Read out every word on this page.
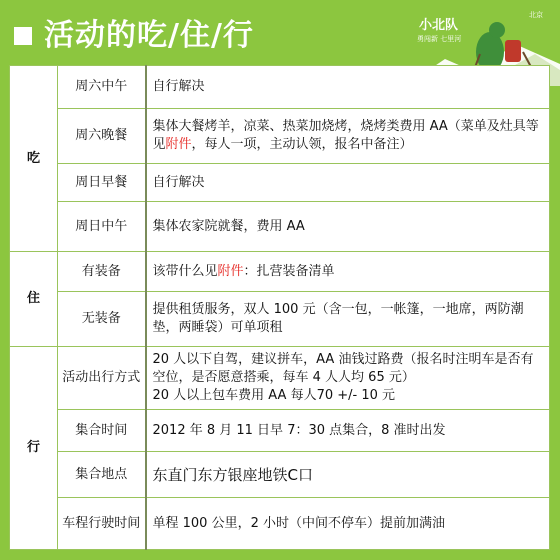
活动的吃/住/行	小北队
勇闯新 七里河
北京
吃	周六中午	自行解决
	周六晚餐	集体大餐烤羊，凉菜、热菜加烧烤，烧烤类费用 AA（菜单及灶具等见附件，每人一项，主动认领，报名中备注）
	周日早餐	自行解决
	周日中午	集体农家院就餐，费用 AA
住	有装备	该带什么见附件：扎营装备清单
	无装备	提供租赁服务，双人 100 元（含一包，一帐篷，一地席，两防潮垫，两睡袋）可单项租
行	活动出行方式	20 人以下自驾，建议拼车，AA 油钱过路费（报名时注明车是否有空位，是否愿意搭乘，每车 4 人人均 65 元）
20 人以上包车费用 AA 每人70 +/- 10 元

	集合时间	2012 年 8 月 11 日早 7：30 点集合，8 准时出发
	集合地点	东直门东方银座地铁C口
	车程行驶时间	单程 100 公里，2 小时（中间不停车）提前加满油
